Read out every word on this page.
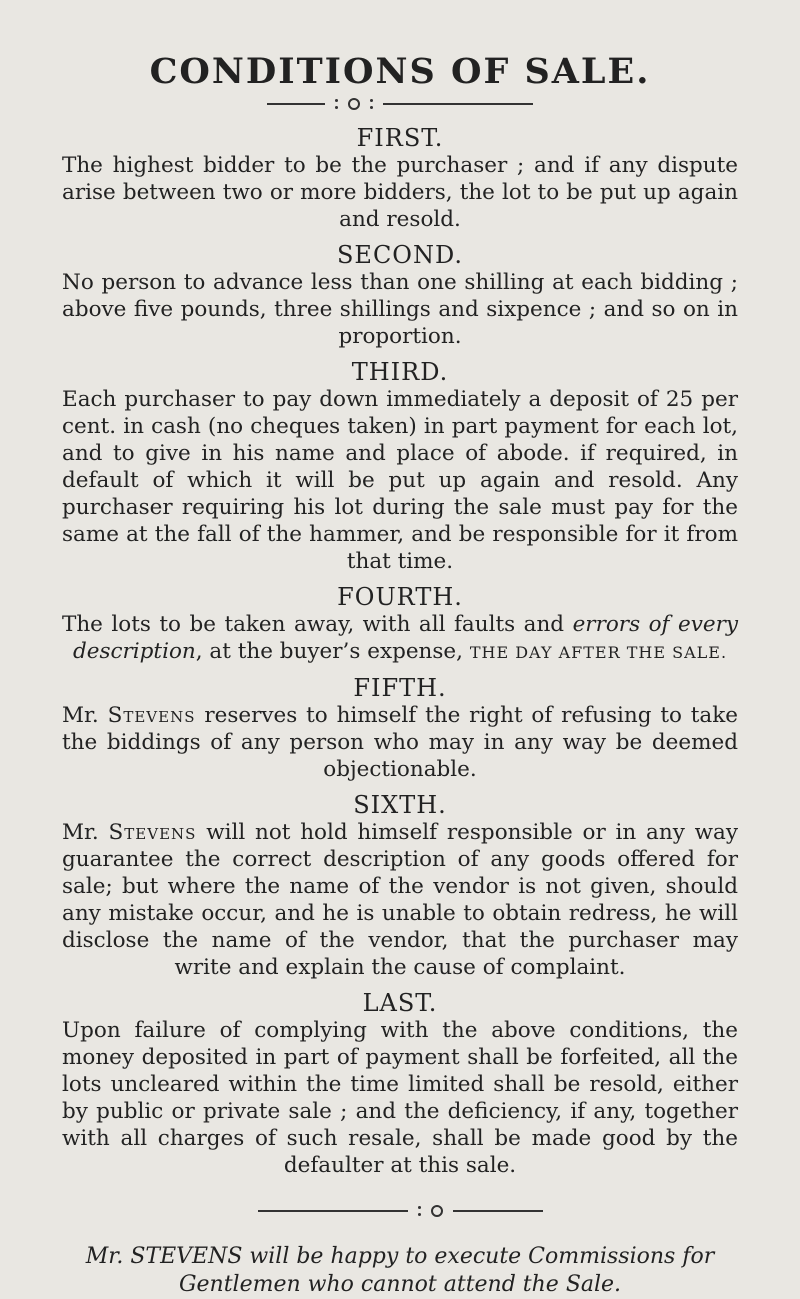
CONDITIONS OF SALE.
FIRST.
The highest bidder to be the purchaser ; and if any dispute arise between two or more bidders, the lot to be put up again and resold.
SECOND.
No person to advance less than one shilling at each bidding ; above five pounds, three shillings and sixpence ; and so on in proportion.
THIRD.
Each purchaser to pay down immediately a deposit of 25 per cent. in cash (no cheques taken) in part payment for each lot, and to give in his name and place of abode. if required, in default of which it will be put up again and resold. Any purchaser requiring his lot during the sale must pay for the same at the fall of the hammer, and be responsible for it from that time.
FOURTH.
The lots to be taken away, with all faults and errors of every description, at the buyer’s expense, THE DAY AFTER THE SALE.
FIFTH.
Mr. Stevens reserves to himself the right of refusing to take the biddings of any person who may in any way be deemed objectionable.
SIXTH.
Mr. Stevens will not hold himself responsible or in any way guarantee the correct description of any goods offered for sale; but where the name of the vendor is not given, should any mistake occur, and he is unable to obtain redress, he will disclose the name of the vendor, that the purchaser may write and explain the cause of complaint.
LAST.
Upon failure of complying with the above conditions, the money deposited in part of payment shall be forfeited, all the lots uncleared within the time limited shall be resold, either by public or private sale ; and the deficiency, if any, together with all charges of such resale, shall be made good by the defaulter at this sale.
Mr. STEVENS will be happy to execute Commissions for Gentlemen who cannot attend the Sale.
